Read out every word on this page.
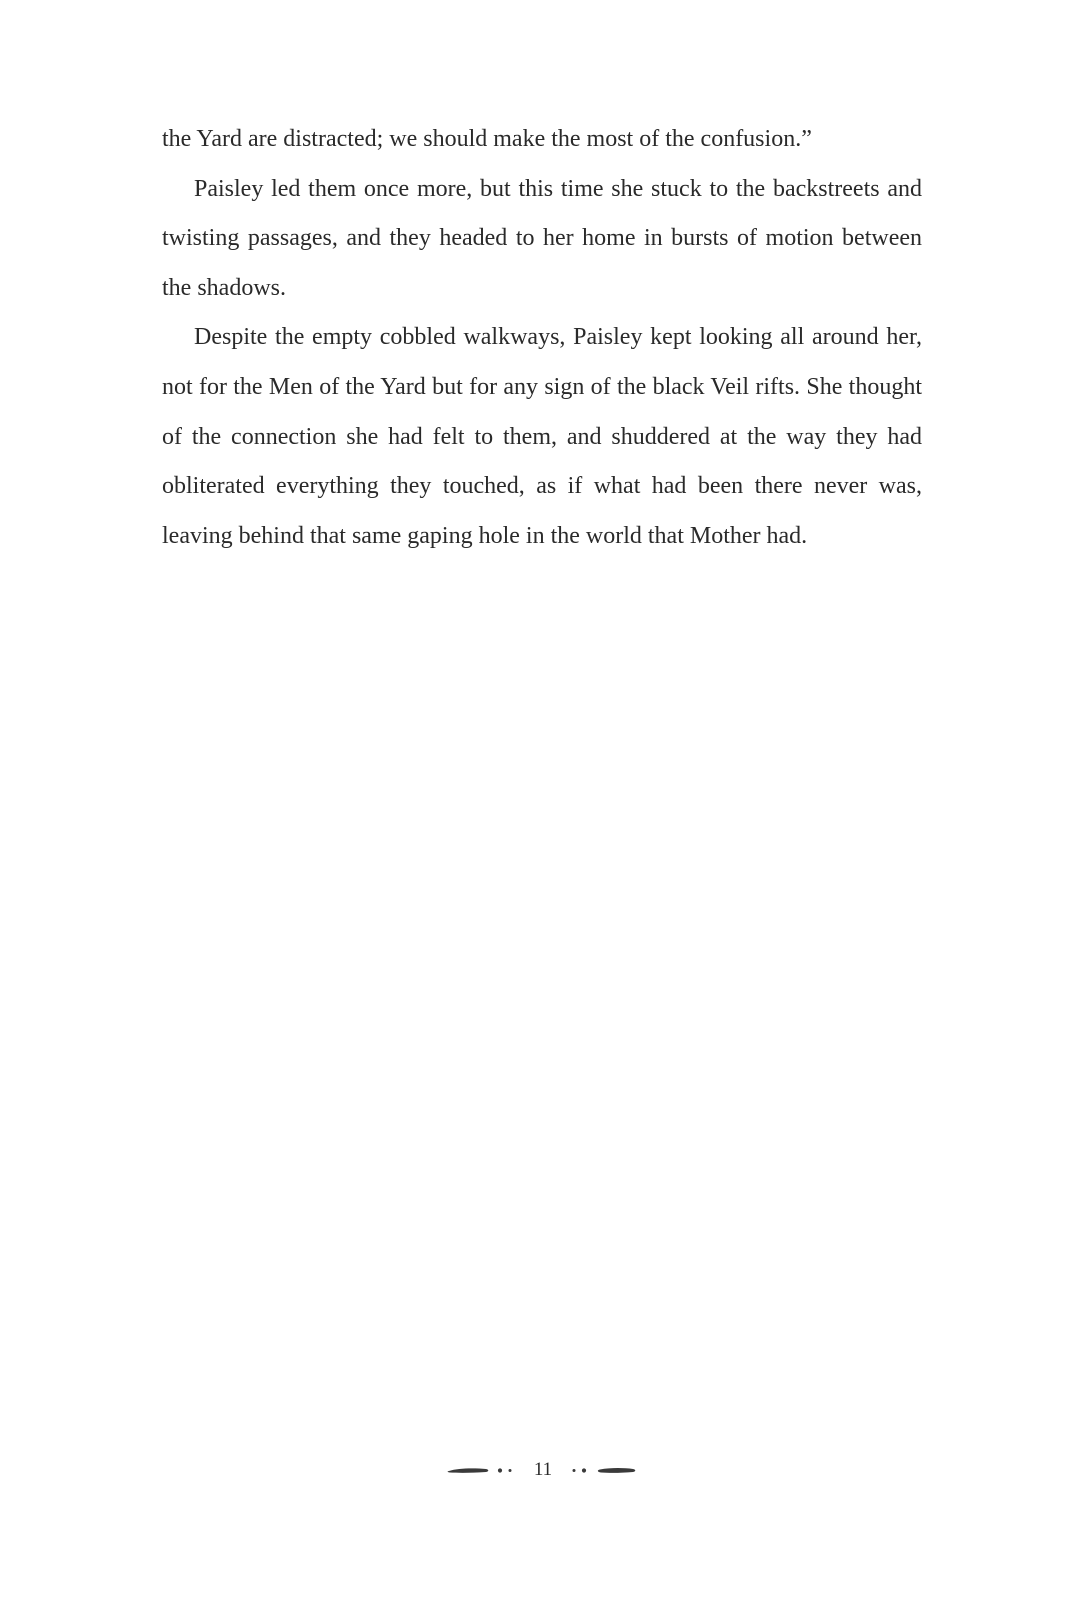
the Yard are distracted; we should make the most of the confusion.”

Paisley led them once more, but this time she stuck to the backstreets and twisting passages, and they headed to her home in bursts of motion between the shadows.

Despite the empty cobbled walkways, Paisley kept looking all around her, not for the Men of the Yard but for any sign of the black Veil rifts. She thought of the connection she had felt to them, and shuddered at the way they had obliterated everything they touched, as if what had been there never was, leaving behind that same gaping hole in the world that Mother had.

11
